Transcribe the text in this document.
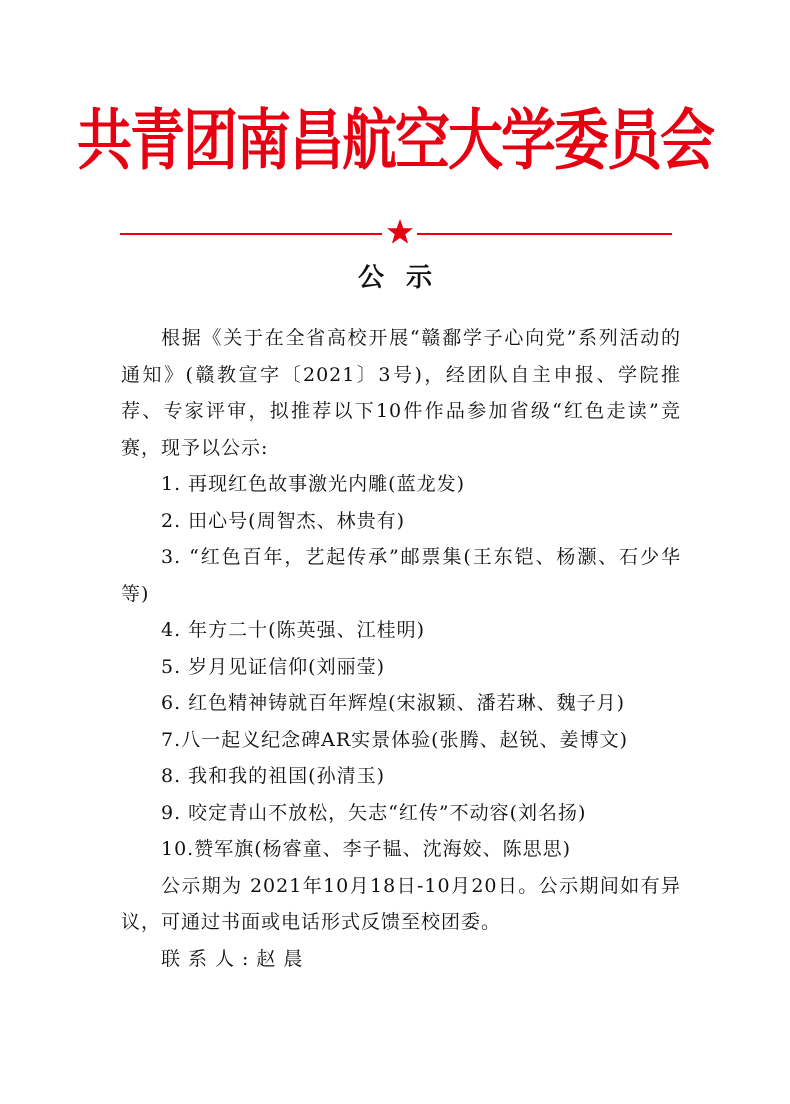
共青团南昌航空大学委员会
公示

根据《关于在全省高校开展“赣鄱学子心向党”系列活动的通知》(赣教宣字〔2021〕3号)，经团队自主申报、学院推荐、专家评审，拟推荐以下10件作品参加省级“红色走读”竞赛，现予以公示:

1. 再现红色故事激光内雕(蓝龙发)

2. 田心号(周智杰、林贵有)

3. “红色百年，艺起传承”邮票集(王东铠、杨灏、石少华等)

4. 年方二十(陈英强、江桂明)

5. 岁月见证信仰(刘丽莹)

6. 红色精神铸就百年辉煌(宋淑颖、潘若琳、魏子月)

7.八一起义纪念碑AR实景体验(张腾、赵锐、姜博文)

8. 我和我的祖国(孙清玉)

9. 咬定青山不放松，矢志“红传”不动容(刘名扬)

10.赞军旗(杨睿童、李子韫、沈海姣、陈思思)

公示期为 2021年10月18日-10月20日。公示期间如有异议，可通过书面或电话形式反馈至校团委。

联系人:赵晨
